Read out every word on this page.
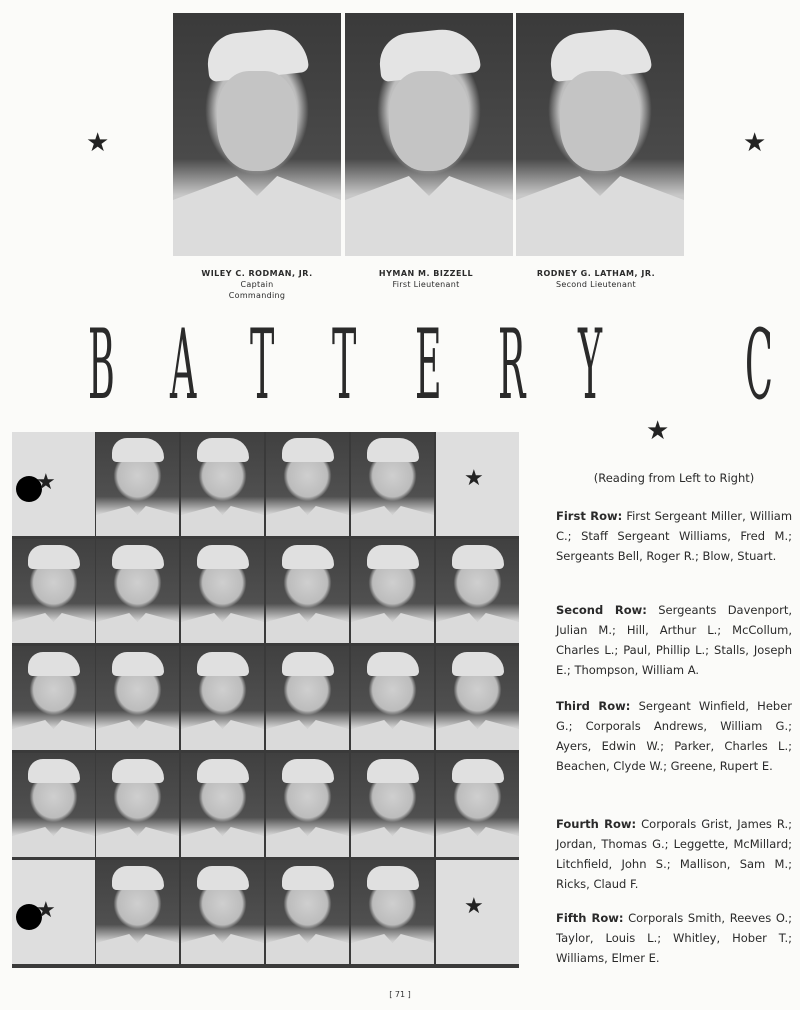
★	★
WILEY C. RODMAN, JR.
Captain
Commanding
HYMAN M. BIZZELL
First Lieutenant
RODNEY G. LATHAM, JR.
Second Lieutenant
B A T T E R Y C
★	★
★	★
★
(Reading from Left to Right)
First Row: First Sergeant Miller, William C.; Staff Sergeant Williams, Fred M.; Sergeants Bell, Roger R.; Blow, Stuart.
Second Row: Sergeants Davenport, Julian M.; Hill, Arthur L.; McCollum, Charles L.; Paul, Phillip L.; Stalls, Joseph E.; Thompson, William A.
Third Row: Sergeant Winfield, Heber G.; Corporals Andrews, William G.; Ayers, Edwin W.; Parker, Charles L.; Beachen, Clyde W.; Greene, Rupert E.
Fourth Row: Corporals Grist, James R.; Jordan, Thomas G.; Leggette, McMillard; Litchfield, John S.; Mallison, Sam M.; Ricks, Claud F.
Fifth Row: Corporals Smith, Reeves O.; Taylor, Louis L.; Whitley, Hober T.; Williams, Elmer E.
[ 71 ]
